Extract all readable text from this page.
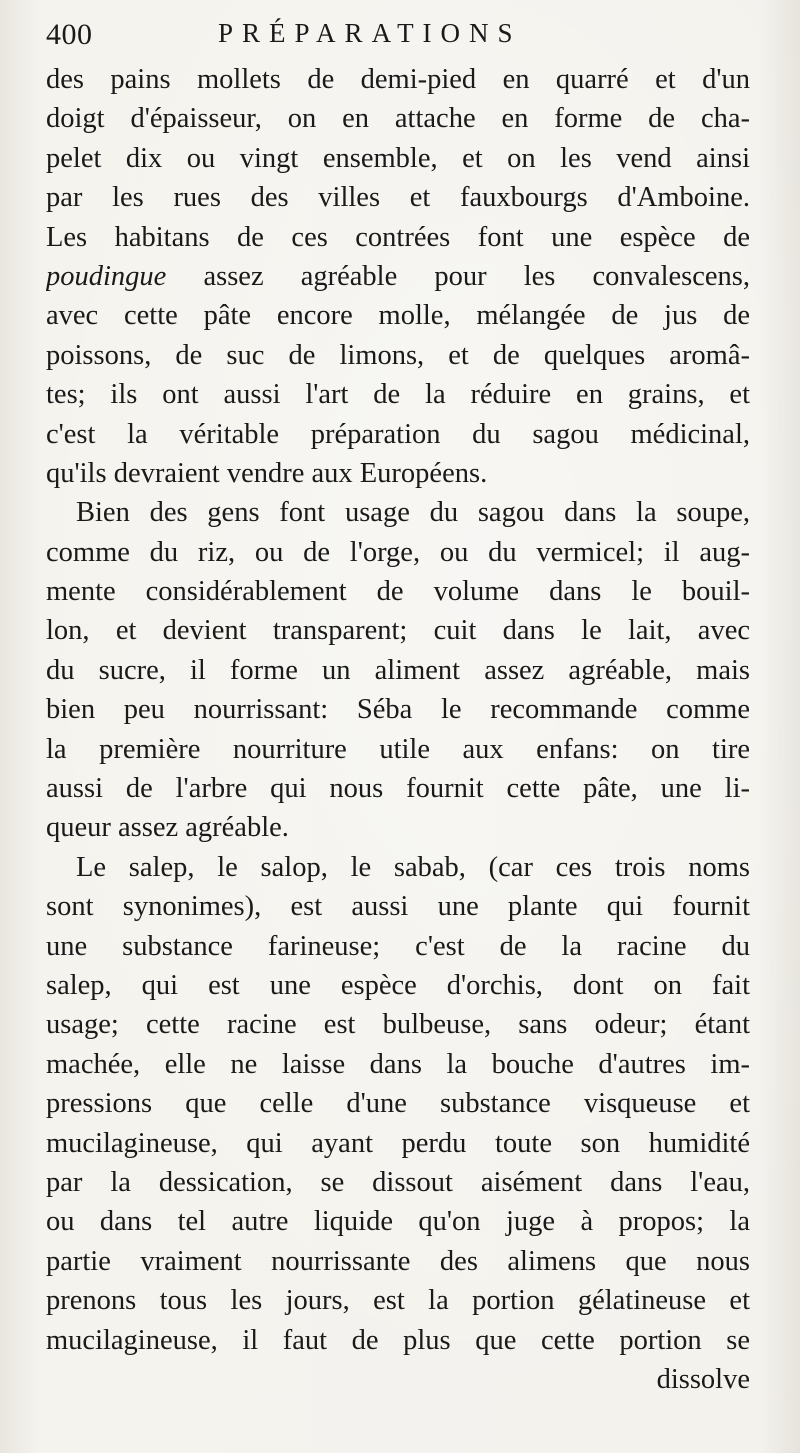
400	PRÉPARATIONS
des pains mollets de demi-pied en quarré et d'un
doigt d'épaisseur, on en attache en forme de cha-
pelet dix ou vingt ensemble, et on les vend ainsi
par les rues des villes et fauxbourgs d'Amboine.
Les habitans de ces contrées font une espèce de
poudingue assez agréable pour les convalescens,
avec cette pâte encore molle, mélangée de jus de
poissons, de suc de limons, et de quelques aromâ-
tes; ils ont aussi l'art de la réduire en grains, et
c'est la véritable préparation du sagou médicinal,
qu'ils devraient vendre aux Européens.
Bien des gens font usage du sagou dans la soupe,
comme du riz, ou de l'orge, ou du vermicel; il aug-
mente considérablement de volume dans le bouil-
lon, et devient transparent; cuit dans le lait, avec
du sucre, il forme un aliment assez agréable, mais
bien peu nourrissant: Séba le recommande comme
la première nourriture utile aux enfans: on tire
aussi de l'arbre qui nous fournit cette pâte, une li-
queur assez agréable.
Le salep, le salop, le sabab, (car ces trois noms
sont synonimes), est aussi une plante qui fournit
une substance farineuse; c'est de la racine du
salep, qui est une espèce d'orchis, dont on fait
usage; cette racine est bulbeuse, sans odeur; étant
machée, elle ne laisse dans la bouche d'autres im-
pressions que celle d'une substance visqueuse et
mucilagineuse, qui ayant perdu toute son humidité
par la dessication, se dissout aisément dans l'eau,
ou dans tel autre liquide qu'on juge à propos; la
partie vraiment nourrissante des alimens que nous
prenons tous les jours, est la portion gélatineuse et
mucilagineuse, il faut de plus que cette portion se
dissolve
